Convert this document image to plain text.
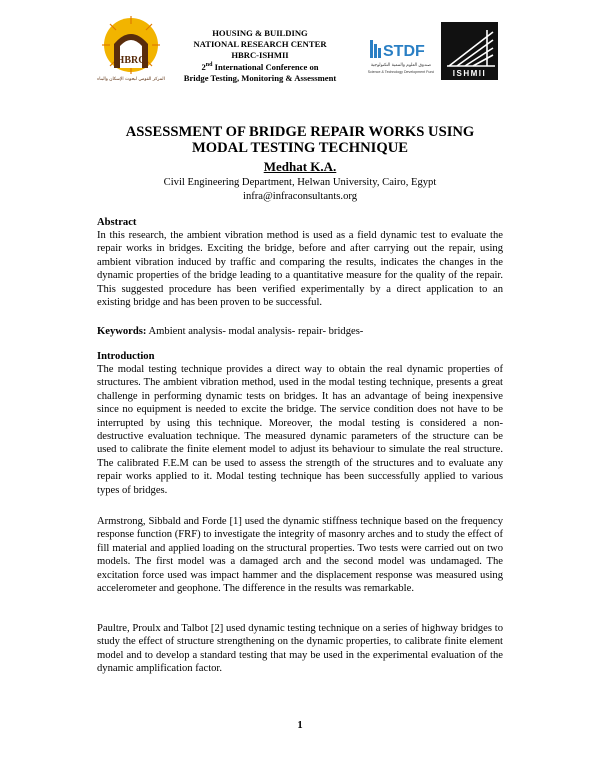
HBRC
المركز القومي لبحوث الإسكان والبناء
HOUSING & BUILDING
NATIONAL RESEARCH CENTER
HBRC-ISHMII
2nd International Conference on
Bridge Testing, Monitoring & Assessment
STDF
صندوق العلوم والتنمية التكنولوجية
Science & Technology Development Fund ISHMII
ASSESSMENT OF BRIDGE REPAIR WORKS USING
MODAL TESTING TECHNIQUE
Medhat K.A.
Civil Engineering Department, Helwan University, Cairo, Egypt
infra@infraconsultants.org
Abstract

In this research, the ambient vibration method is used as a field dynamic test to evaluate the repair works in bridges. Exciting the bridge, before and after carrying out the repair, using ambient vibration induced by traffic and comparing the results, indicates the changes in the dynamic properties of the bridge leading to a quantitative measure for the quality of the repair. This suggested procedure has been verified experimentally by a direct application to an existing bridge and has been proven to be successful.

Keywords: Ambient analysis- modal analysis- repair- bridges-
Introduction

The modal testing technique provides a direct way to obtain the real dynamic properties of structures. The ambient vibration method, used in the modal testing technique, presents a great challenge in performing dynamic tests on bridges. It has an advantage of being inexpensive since no equipment is needed to excite the bridge. The service condition does not have to be interrupted by using this technique. Moreover, the modal testing is considered a non-destructive evaluation technique. The measured dynamic parameters of the structure can be used to calibrate the finite element model to adjust its behaviour to simulate the real structure. The calibrated F.E.M can be used to assess the strength of the structures and to evaluate any repair works applied to it. Modal testing technique has been successfully applied to various types of bridges.

Armstrong, Sibbald and Forde [1] used the dynamic stiffness technique based on the frequency response function (FRF) to investigate the integrity of masonry arches and to study the effect of fill material and applied loading on the structural properties. Two tests were carried out on two models. The first model was a damaged arch and the second model was undamaged. The excitation force used was impact hammer and the displacement response was measured using accelerometer and geophone. The difference in the results was remarkable.

Paultre, Proulx and Talbot [2] used dynamic testing technique on a series of highway bridges to study the effect of structure strengthening on the dynamic properties, to calibrate finite element model and to develop a standard testing that may be used in the experimental evaluation of the dynamic amplification factor.

1
